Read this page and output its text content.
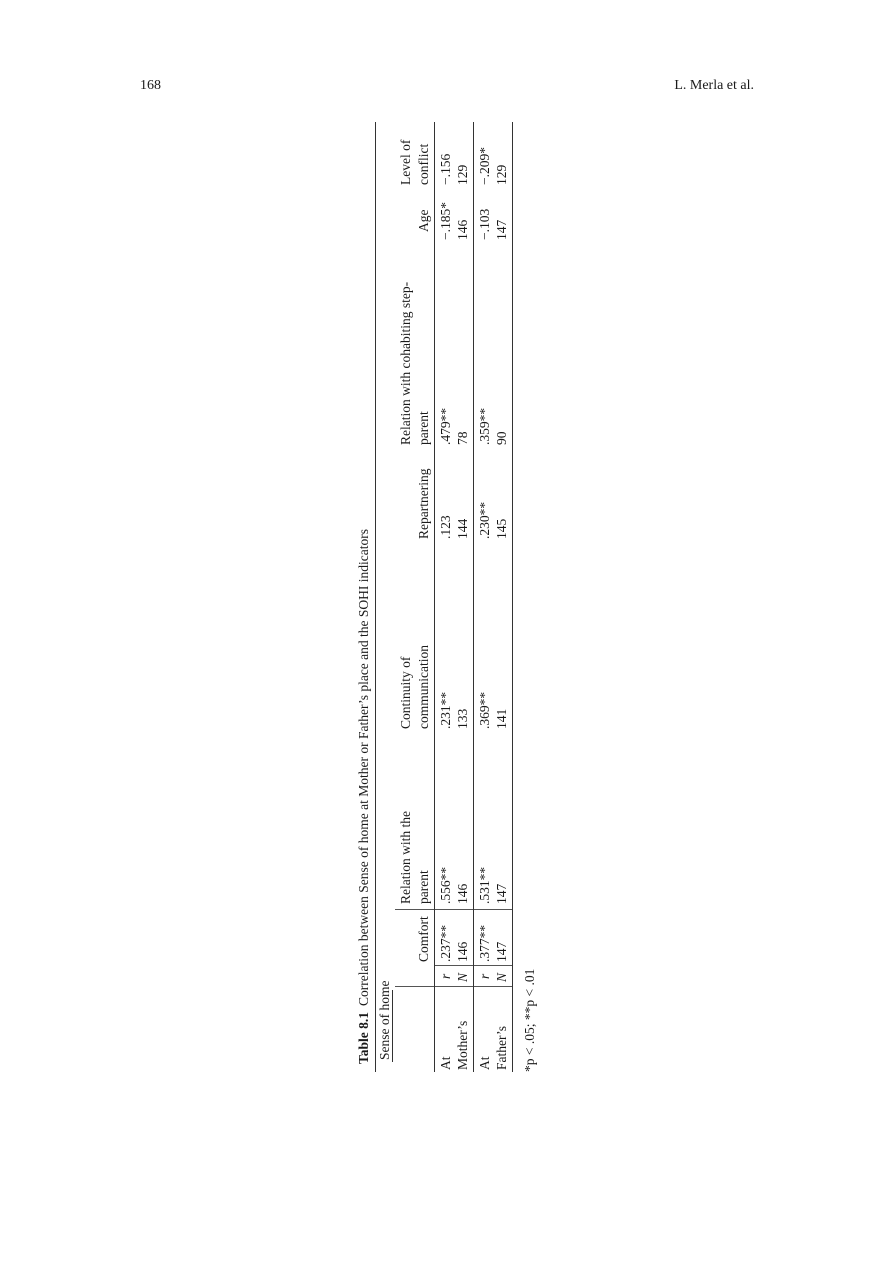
168	L. Merla et al.
Table 8.1Correlation between Sense of home at Mother or Father’s place and the SOHI indicators
Sense of home
Comfort
Relation with the parent
Continuity of communication
Repartnering
Relation with cohabiting step- parent
Age
Level of conflict
At Mother’s
r N
.237** 146
.556** 146
.231** 133
.123 144
.479** 78
−.185* 146
−.156 129
At Father’s
r N
.377** 147
.531** 147
.369** 141
.230** 145
.359** 90
−.103 147
−.209* 129
*p < .05; **p < .01
